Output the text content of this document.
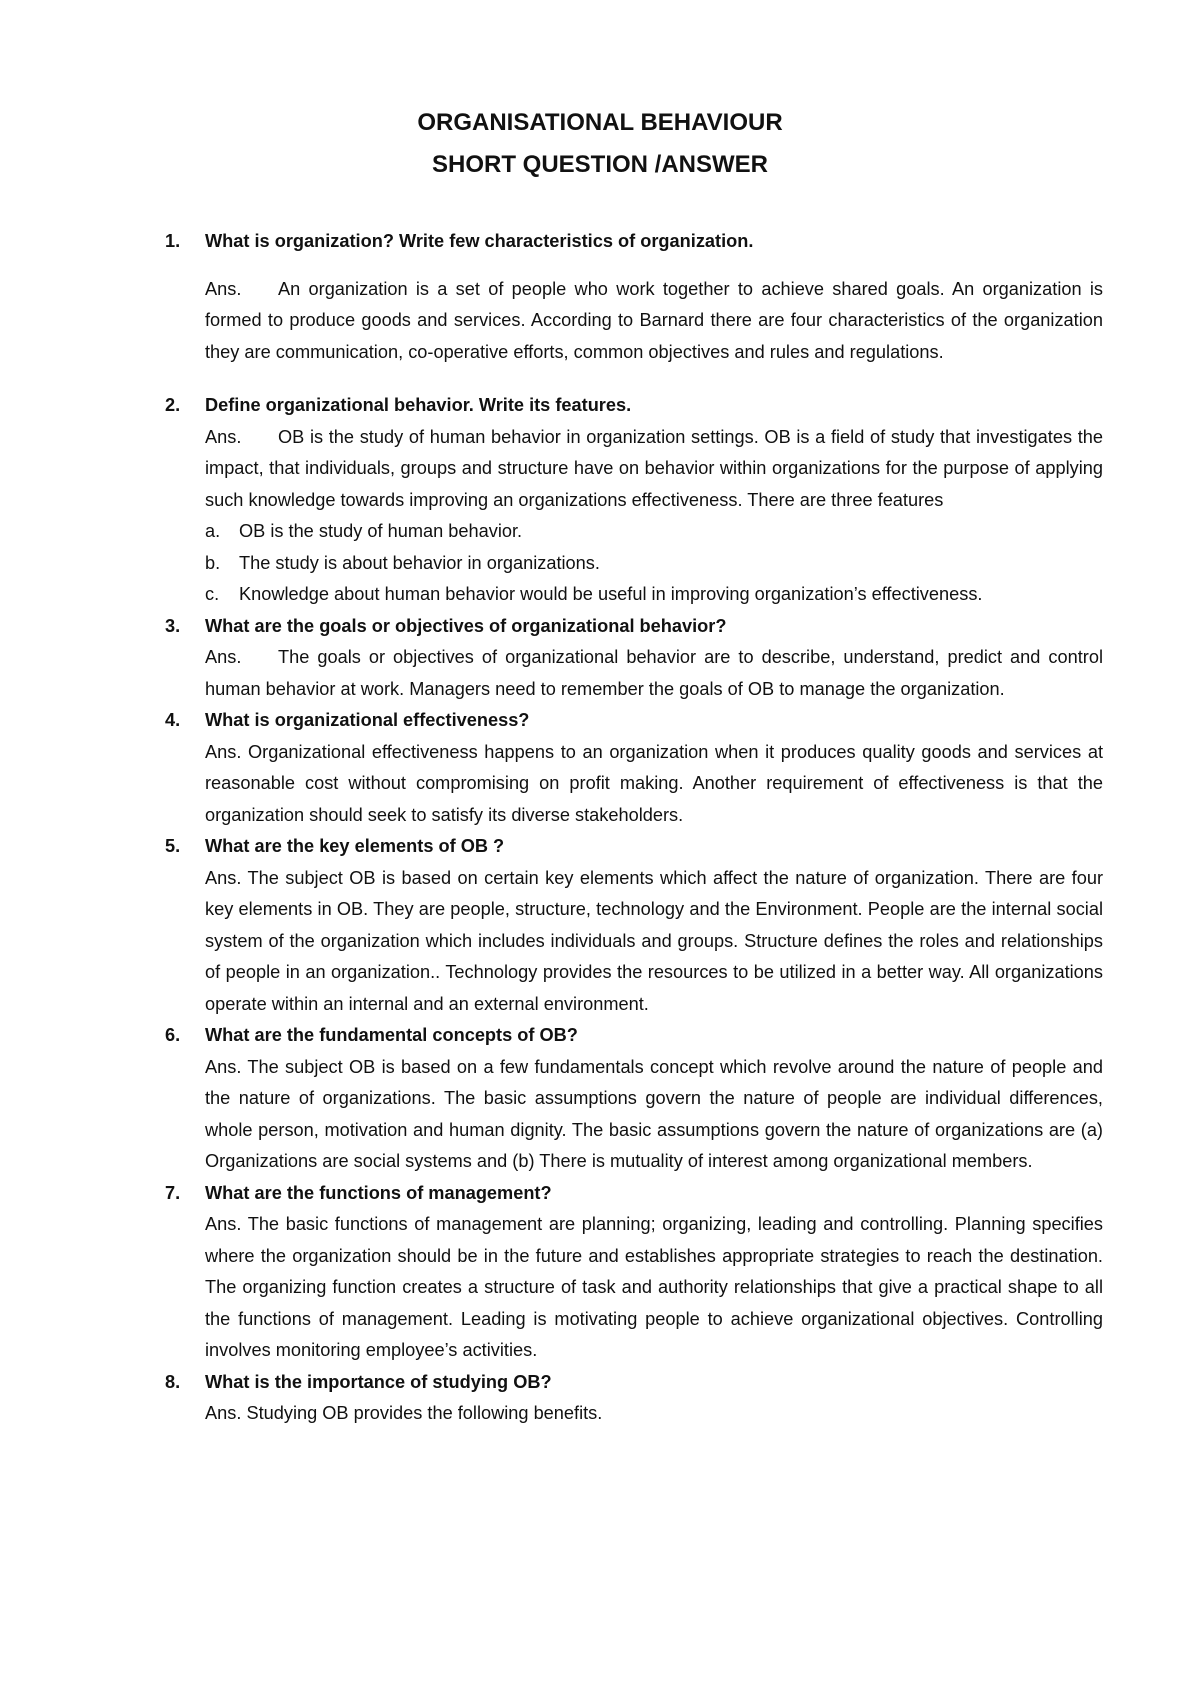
ORGANISATIONAL BEHAVIOUR
SHORT QUESTION /ANSWER
1. What is organization? Write few characteristics of organization.
Ans. An organization is a set of people who work together to achieve shared goals. An organization is formed to produce goods and services. According to Barnard there are four characteristics of the organization they are communication, co-operative efforts, common objectives and rules and regulations.
2. Define organizational behavior. Write its features.
Ans. OB is the study of human behavior in organization settings. OB is a field of study that investigates the impact, that individuals, groups and structure have on behavior within organizations for the purpose of applying such knowledge towards improving an organizations effectiveness. There are three features
a. OB is the study of human behavior.
b. The study is about behavior in organizations.
c. Knowledge about human behavior would be useful in improving organization’s effectiveness.
3. What are the goals or objectives of organizational behavior?
Ans. The goals or objectives of organizational behavior are to describe, understand, predict and control human behavior at work. Managers need to remember the goals of OB to manage the organization.
4. What is organizational effectiveness?
Ans. Organizational effectiveness happens to an organization when it produces quality goods and services at reasonable cost without compromising on profit making. Another requirement of effectiveness is that the organization should seek to satisfy its diverse stakeholders.
5. What are the key elements of OB ?
Ans. The subject OB is based on certain key elements which affect the nature of organization. There are four key elements in OB. They are people, structure, technology and the Environment. People are the internal social system of the organization which includes individuals and groups. Structure defines the roles and relationships of people in an organization.. Technology provides the resources to be utilized in a better way. All organizations operate within an internal and an external environment.
6. What are the fundamental concepts of OB?
Ans. The subject OB is based on a few fundamentals concept which revolve around the nature of people and the nature of organizations. The basic assumptions govern the nature of people are individual differences, whole person, motivation and human dignity. The basic assumptions govern the nature of organizations are (a) Organizations are social systems and (b) There is mutuality of interest among organizational members.
7. What are the functions of management?
Ans. The basic functions of management are planning; organizing, leading and controlling. Planning specifies where the organization should be in the future and establishes appropriate strategies to reach the destination. The organizing function creates a structure of task and authority relationships that give a practical shape to all the functions of management. Leading is motivating people to achieve organizational objectives. Controlling involves monitoring employee’s activities.
8. What is the importance of studying OB?
Ans. Studying OB provides the following benefits.
